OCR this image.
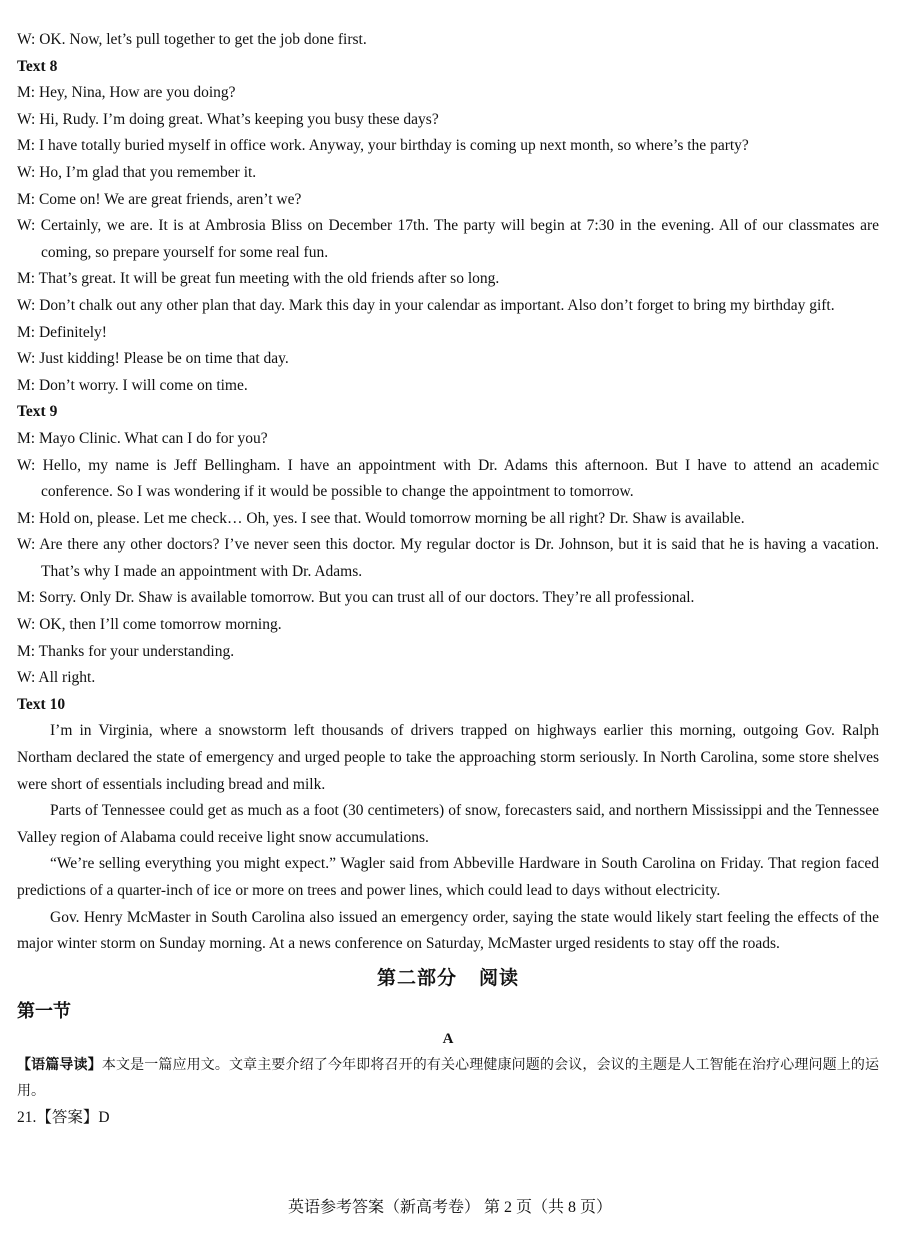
W: OK. Now, let’s pull together to get the job done first.

Text 8

M: Hey, Nina, How are you doing?

W: Hi, Rudy. I’m doing great. What’s keeping you busy these days?

M: I have totally buried myself in office work. Anyway, your birthday is coming up next month, so where’s the party?

W: Ho, I’m glad that you remember it.

M: Come on! We are great friends, aren’t we?

W: Certainly, we are. It is at Ambrosia Bliss on December 17th. The party will begin at 7:30 in the evening. All of our classmates are coming, so prepare yourself for some real fun.

M: That’s great. It will be great fun meeting with the old friends after so long.

W: Don’t chalk out any other plan that day. Mark this day in your calendar as important. Also don’t forget to bring my birthday gift.

M: Definitely!

W: Just kidding! Please be on time that day.

M: Don’t worry. I will come on time.

Text 9

M: Mayo Clinic. What can I do for you?

W: Hello, my name is Jeff Bellingham. I have an appointment with Dr. Adams this afternoon. But I have to attend an academic conference. So I was wondering if it would be possible to change the appointment to tomorrow.

M: Hold on, please. Let me check… Oh, yes. I see that. Would tomorrow morning be all right? Dr. Shaw is available.

W: Are there any other doctors? I’ve never seen this doctor. My regular doctor is Dr. Johnson, but it is said that he is having a vacation. That’s why I made an appointment with Dr. Adams.

M: Sorry. Only Dr. Shaw is available tomorrow. But you can trust all of our doctors. They’re all professional.

W: OK, then I’ll come tomorrow morning.

M: Thanks for your understanding.

W: All right.

Text 10

I’m in Virginia, where a snowstorm left thousands of drivers trapped on highways earlier this morning, outgoing Gov. Ralph Northam declared the state of emergency and urged people to take the approaching storm seriously. In North Carolina, some store shelves were short of essentials including bread and milk.

Parts of Tennessee could get as much as a foot (30 centimeters) of snow, forecasters said, and northern Mississippi and the Tennessee Valley region of Alabama could receive light snow accumulations.

“We’re selling everything you might expect.” Wagler said from Abbeville Hardware in South Carolina on Friday. That region faced predictions of a quarter-inch of ice or more on trees and power lines, which could lead to days without electricity.

Gov. Henry McMaster in South Carolina also issued an emergency order, saying the state would likely start feeling the effects of the major winter storm on Sunday morning. At a news conference on Saturday, McMaster urged residents to stay off the roads.

第二部分 阅读

第一节

A

【语篇导读】本文是一篇应用文。文章主要介绍了今年即将召开的有关心理健康问题的会议，会议的主题是人工智能在治疗心理问题上的运用。

21.【答案】D

英语参考答案（新高考卷） 第 2 页（共 8 页）
